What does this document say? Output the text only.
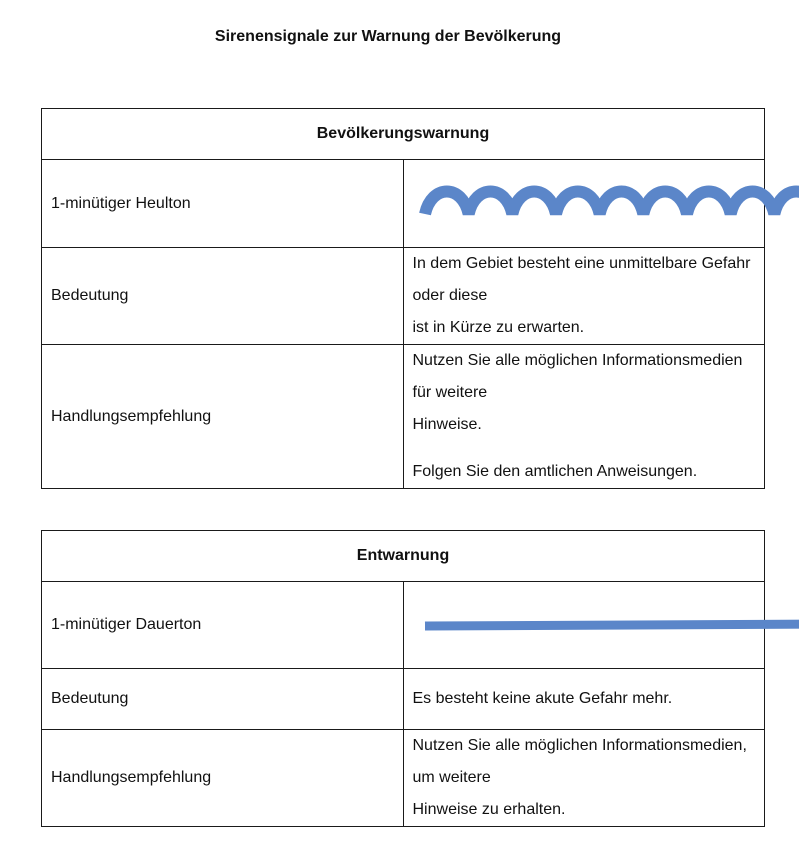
Sirenensignale zur Warnung der Bevölkerung
Bevölkerungswarnung	
1-minütiger Heulton	

Bedeutung	In dem Gebiet besteht eine unmittelbare Gefahr oder diese

ist in Kürze zu erwarten.

Handlungsempfehlung	Nutzen Sie alle möglichen Informationsmedien für weitere

Hinweise.

Folgen Sie den amtlichen Anweisungen.

Entwarnung	
1-minütiger Dauerton	

Bedeutung	Es besteht keine akute Gefahr mehr.

Handlungsempfehlung	Nutzen Sie alle möglichen Informationsmedien, um weitere

Hinweise zu erhalten.
